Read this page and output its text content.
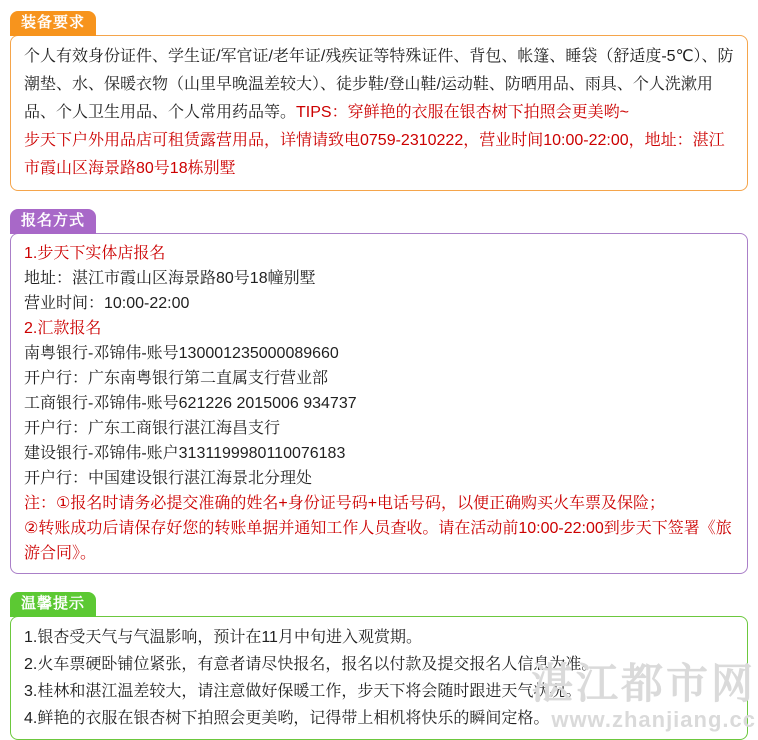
装备要求
个人有效身份证件、学生证/军官证/老年证/残疾证等特殊证件、背包、帐篷、睡袋（舒适度-5℃）、防潮垫、水、保暖衣物（山里早晚温差较大）、徒步鞋/登山鞋/运动鞋、防晒用品、雨具、个人洗漱用品、个人卫生用品、个人常用药品等。TIPS：穿鲜艳的衣服在银杏树下拍照会更美哟~
步天下户外用品店可租赁露营用品，详情请致电0759-2310222，营业时间10:00-22:00，地址：湛江市霞山区海景路80号18栋别墅
报名方式
1.步天下实体店报名
地址：湛江市霞山区海景路80号18幢别墅
营业时间：10:00-22:00
2.汇款报名
南粤银行-邓锦伟-账号130001235000089660
开户行：广东南粤银行第二直属支行营业部
工商银行-邓锦伟-账号621226 2015006 934737
开户行：广东工商银行湛江海昌支行
建设银行-邓锦伟-账户3131199980110076183
开户行：中国建设银行湛江海景北分理处
注：①报名时请务必提交准确的姓名+身份证号码+电话号码，以便正确购买火车票及保险；
②转账成功后请保存好您的转账单据并通知工作人员查收。请在活动前10:00-22:00到步天下签署《旅游合同》。
温馨提示
1.银杏受天气与气温影响，预计在11月中旬进入观赏期。
2.火车票硬卧铺位紧张，有意者请尽快报名，报名以付款及提交报名人信息为准。
3.桂林和湛江温差较大，请注意做好保暖工作，步天下将会随时跟进天气状况。
4.鲜艳的衣服在银杏树下拍照会更美哟，记得带上相机将快乐的瞬间定格。
湛江都市网
www.zhanjiang.cc
